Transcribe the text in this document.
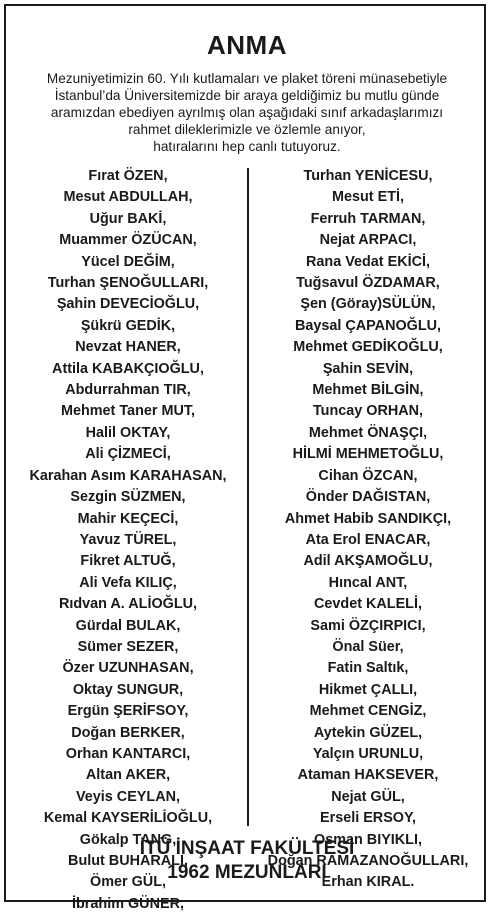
ANMA
Mezuniyetimizin 60. Yılı kutlamaları ve plaket töreni münasebetiyle
İstanbul’da Üniversitemizde bir araya geldiğimiz bu mutlu günde
aramızdan ebediyen ayrılmış olan aşağıdaki sınıf arkadaşlarımızı
rahmet dileklerimizle ve özlemle anıyor,
hatıralarını hep canlı tutuyoruz.
Fırat ÖZEN,
Mesut ABDULLAH,
Uğur BAKİ,
Muammer ÖZÜCAN,
Yücel DEĞİM,
Turhan ŞENOĞULLARI,
Şahin DEVECİOĞLU,
Şükrü GEDİK,
Nevzat HANER,
Attila KABAKÇIOĞLU,
Abdurrahman TIR,
Mehmet Taner MUT,
Halil OKTAY,
Ali ÇİZMECİ,
Karahan Asım KARAHASAN,
Sezgin SÜZMEN,
Mahir KEÇECİ,
Yavuz TÜREL,
Fikret ALTUĞ,
Ali Vefa KILIÇ,
Rıdvan A. ALİOĞLU,
Gürdal BULAK,
Sümer SEZER,
Özer UZUNHASAN,
Oktay SUNGUR,
Ergün ŞERİFSOY,
Doğan BERKER,
Orhan KANTARCI,
Altan AKER,
Veyis CEYLAN,
Kemal KAYSERİLİOĞLU,
Gökalp TANG,
Bulut BUHARALI,
Ömer GÜL,
İbrahim GÜNER,
Turhan YENİCESU,
Mesut ETİ,
Ferruh TARMAN,
Nejat ARPACI,
Rana Vedat EKİCİ,
Tuğsavul ÖZDAMAR,
Şen (Göray)SÜLÜN,
Baysal ÇAPANOĞLU,
Mehmet GEDİKOĞLU,
Şahin SEVİN,
Mehmet BİLGİN,
Tuncay ORHAN,
Mehmet ÖNAŞÇI,
HİLMİ MEHMETOĞLU,
Cihan ÖZCAN,
Önder DAĞISTAN,
Ahmet Habib SANDIKÇI,
Ata Erol ENACAR,
Adil AKŞAMOĞLU,
Hıncal ANT,
Cevdet KALELİ,
Sami ÖZÇIRPICI,
Önal Süer,
Fatin Saltık,
Hikmet ÇALLI,
Mehmet CENGİZ,
Aytekin GÜZEL,
Yalçın URUNLU,
Ataman HAKSEVER,
Nejat GÜL,
Erseli ERSOY,
Osman BIYIKLI,
Doğan RAMAZANOĞULLARI,
Erhan KIRAL.
İTÜ İNŞAAT FAKÜLTESİ
1962 MEZUNLARI
